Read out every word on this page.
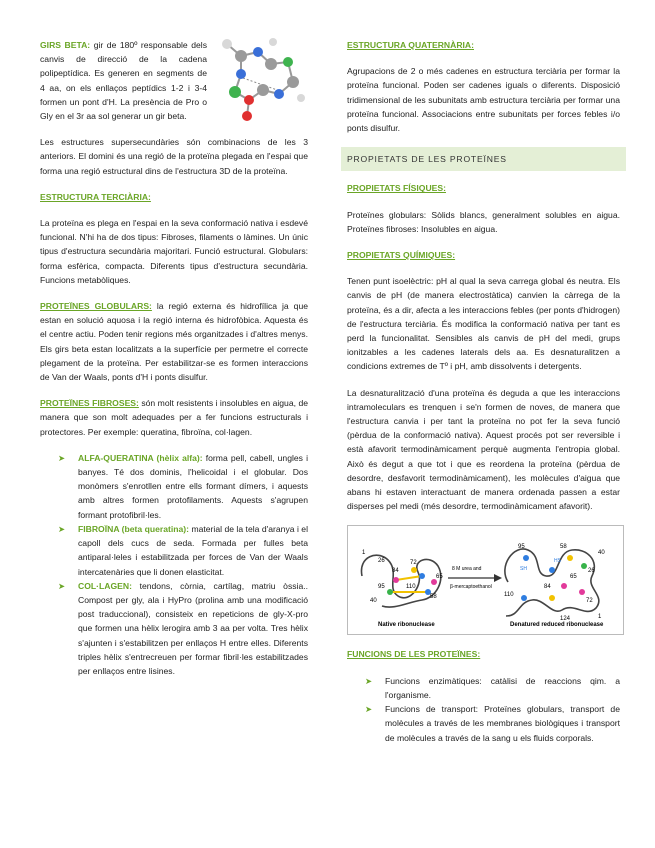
GIRS BETA: gir de 180º responsable dels canvis de direcció de la cadena polipeptídica. Es generen en segments de 4 aa, on els enllaços peptídics 1-2 i 3-4 formen un pont d'H. La presència de Pro o Gly en el 3r aa sol generar un gir beta.

Les estructures supersecundàries són combinacions de les 3 anteriors. El domini és una regió de la proteïna plegada en l'espai que forma una regió estructural dins de l'estructura 3D de la proteïna.

ESTRUCTURA TERCIÀRIA:

La proteïna es plega en l'espai en la seva conformació nativa i esdevé funcional. N'hi ha de dos tipus: Fibroses, filaments o làmines. Un únic tipus d'estructura secundària majoritari. Funció estructural. Globulars: forma esfèrica, compacta. Diferents tipus d'estructura secundària. Funcions metabòliques.

PROTEÏNES GLOBULARS: la regió externa és hidrofílica ja que estan en solució aquosa i la regió interna és hidrofòbica. Aquesta és el centre actiu. Poden tenir regions més organitzades i d'altres menys. Els girs beta estan localitzats a la superfície per permetre el correcte plegament de la proteïna. Per estabilitzar-se es formen interaccions de Van der Waals, ponts d'H i ponts disulfur.

PROTEÏNES FIBROSES: són molt resistents i insolubles en aigua, de manera que son molt adequades per a fer funcions estructurals i protectores. Per exemple: queratina, fibroïna, col·lagen.

➤ ALFA-QUERATINA (hèlix alfa): forma pell, cabell, ungles i banyes. Té dos dominis, l'helicoidal i el globular. Dos monòmers s'enrotllen entre ells formant dímers, i aquests amb altres formen protofilaments. Aquests s'agrupen formant protofibril·les.
➤ FIBROÏNA (beta queratina): material de la tela d'aranya i el capoll dels cucs de seda. Formada per fulles beta antiparal·leles i estabilitzada per forces de Van der Waals intercatenàries que li donen elasticitat.
➤ COL·LAGEN: tendons, còrnia, cartílag, matriu òssia.. Compost per gly, ala i HyPro (prolina amb una modificació post traduccional), consisteix en repeticions de gly-X-pro que formen una hèlix lerogira amb 3 aa per volta. Tres hèlix s'ajunten i s'estabilitzen per enllaços H entre elles. Diferents triples hèlix s'entrecreuen per formar fibril·les estabilitzades per enllaços entre lisines.
ESTRUCTURA QUATERNÀRIA:

Agrupacions de 2 o més cadenes en estructura terciària per formar la proteïna funcional. Poden ser cadenes iguals o diferents. Disposició tridimensional de les subunitats amb estructura terciària per formar una proteïna funcional. Associacions entre subunitats per forces febles i/o ponts disulfur.

PROPIETATS DE LES PROTEÏNES
PROPIETATS FÍSIQUES:

Proteïnes globulars: Sòlids blancs, generalment solubles en aigua. Proteïnes fibroses: Insolubles en aigua.

PROPIETATS QUÍMIQUES:

Tenen punt isoelèctric: pH al qual la seva carrega global és neutra. Els canvis de pH (de manera electrostàtica) canvien la càrrega de la proteïna, és a dir, afecta a les interaccions febles (per ponts d'hidrogen) de l'estructura terciària. És modifica la conformació nativa per tant es perd la funcionalitat. Sensibles als canvis de pH del medi, grups ionitzables a les cadenes laterals dels aa. Es desnaturalitzen a condicions extremes de Tº i pH, amb dissolvents i detergents.

La desnaturalització d'una proteïna és deguda a que les interaccions intramoleculars es trenquen i se'n formen de noves, de manera que l'estructura canvia i per tant la proteïna no pot fer la seva funció (pèrdua de la conformació nativa). Aquest procés pot ser reversible i està afavorit termodinàmicament perquè augmenta l'entropia global. Això és degut a que tot i que es reordena la proteïna (pèrdua de desordre, desfavorit termodinàmicament), les molècules d'aigua que abans hi estaven interactuant de manera ordenada passen a estar disperses pel medi (més desordre, termodinàmicament afavorit).

1
26
84
72
65
95	110
58
40
8 M urea and
β-mercaptoethanol
95	58
40
26
84
65
72
110
124	1
SH
HS
Native ribonuclease	Denatured reduced ribonuclease
FUNCIONS DE LES PROTEÏNES:
➤ Funcions enzimàtiques: catàlisi de reaccions qim. a l'organisme.
➤ Funcions de transport: Proteïnes globulars, transport de molècules a través de les membranes biològiques i transport de molècules a través de la sang u els fluids corporals.
